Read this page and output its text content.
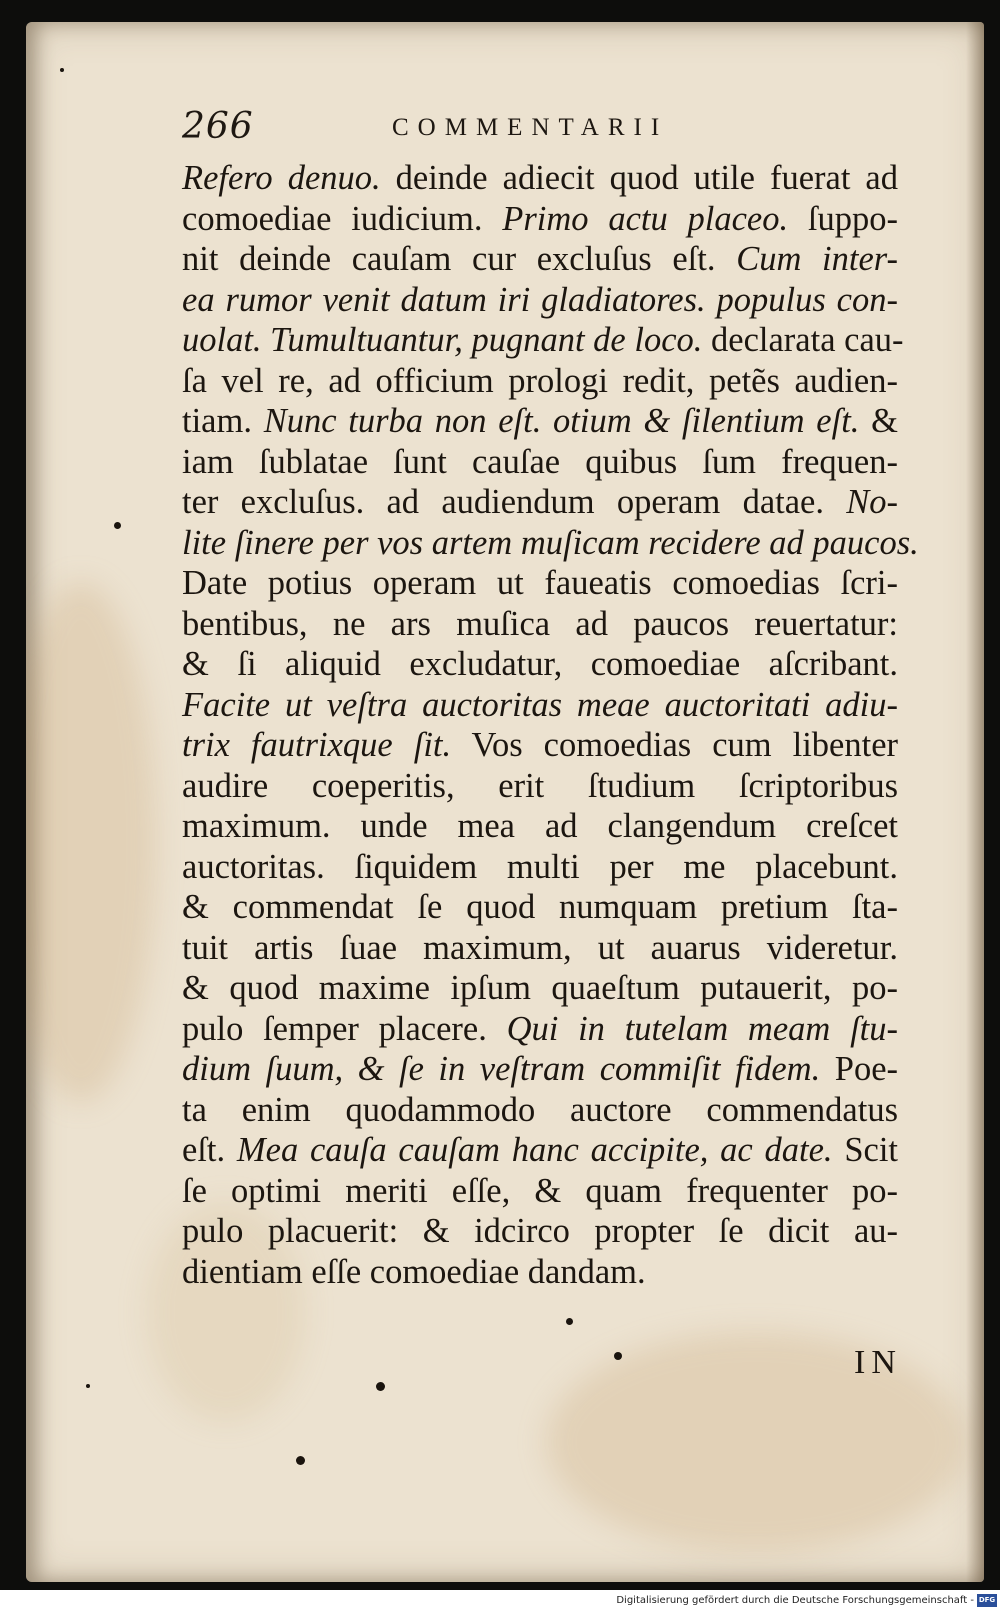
266	COMMENTARII
Refero denuo. deinde adiecit quod utile fuerat ad
comoediae iudicium. Primo actu placeo. ſuppo-
nit deinde cauſam cur excluſus eſt. Cum inter-
ea rumor venit datum iri gladiatores. populus con-
uolat. Tumultuantur, pugnant de loco. declarata cau-
ſa vel re, ad officium prologi redit, petẽs audien-
tiam. Nunc turba non eſt. otium & ſilentium eſt. &
iam ſublatae ſunt cauſae quibus ſum frequen-
ter excluſus. ad audiendum operam datae. No-
lite ſinere per vos artem muſicam recidere ad paucos.
Date potius operam ut faueatis comoedias ſcri-
bentibus, ne ars muſica ad paucos reuertatur:
& ſi aliquid excludatur, comoediae aſcribant.
Facite ut veſtra auctoritas meae auctoritati adiu-
trix fautrixque ſit. Vos comoedias cum libenter
audire coeperitis, erit ſtudium ſcriptoribus
maximum. unde mea ad clangendum creſcet
auctoritas. ſiquidem multi per me placebunt.
& commendat ſe quod numquam pretium ſta-
tuit artis ſuae maximum, ut auarus videretur.
& quod maxime ipſum quaeſtum putauerit, po-
pulo ſemper placere. Qui in tutelam meam ſtu-
dium ſuum, & ſe in veſtram commiſit fidem. Poe-
ta enim quodammodo auctore commendatus
eſt. Mea cauſa cauſam hanc accipite, ac date. Scit
ſe optimi meriti eſſe, & quam frequenter po-
pulo placuerit: & idcirco propter ſe dicit au-
dientiam eſſe comoediae dandam.
IN
Digitalisierung gefördert durch die Deutsche Forschungsgemeinschaft - DFG
